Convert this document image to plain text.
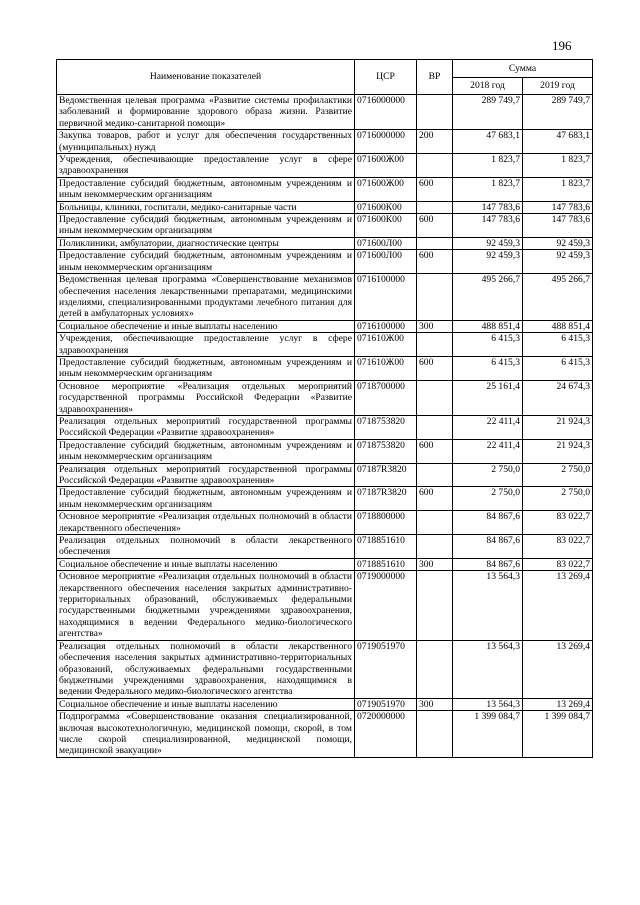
196
Наименование показателей	ЦСР	ВР	Сумма	
			2018 год	2019 год
Ведомственная целевая программа «Развитие системы профилактики заболеваний и формирование здорового образа жизни. Развитие первичной медико-санитарной помощи»	0716000000		289 749,7	289 749,7
Закупка товаров, работ и услуг для обеспечения государственных (муниципальных) нужд	0716000000	200	47 683,1	47 683,1
Учреждения, обеспечивающие предоставление услуг в сфере здравоохранения	071600Ж00		1 823,7	1 823,7
Предоставление субсидий бюджетным, автономным учреждениям и иным некоммерческим организациям	071600Ж00	600	1 823,7	1 823,7
Больницы, клиники, госпитали, медико-санитарные части	071600К00		147 783,6	147 783,6
Предоставление субсидий бюджетным, автономным учреждениям и иным некоммерческим организациям	071600К00	600	147 783,6	147 783,6
Поликлиники, амбулатории, диагностические центры	071600Л00		92 459,3	92 459,3
Предоставление субсидий бюджетным, автономным учреждениям и иным некоммерческим организациям	071600Л00	600	92 459,3	92 459,3
Ведомственная целевая программа «Совершенствование механизмов обеспечения населения лекарственными препаратами, медицинскими изделиями, специализированными продуктами лечебного питания для детей в амбулаторных условиях»	0716100000		495 266,7	495 266,7
Социальное обеспечение и иные выплаты населению	0716100000	300	488 851,4	488 851,4
Учреждения, обеспечивающие предоставление услуг в сфере здравоохранения	071610Ж00		6 415,3	6 415,3
Предоставление субсидий бюджетным, автономным учреждениям и иным некоммерческим организациям	071610Ж00	600	6 415,3	6 415,3
Основное мероприятие «Реализация отдельных мероприятий государственной программы Российской Федерации «Развитие здравоохранения»	0718700000		25 161,4	24 674,3
Реализация отдельных мероприятий государственной программы Российской Федерации «Развитие здравоохранения»	0718753820		22 411,4	21 924,3
Предоставление субсидий бюджетным, автономным учреждениям и иным некоммерческим организациям	0718753820	600	22 411,4	21 924,3
Реализация отдельных мероприятий государственной программы Российской Федерации «Развитие здравоохранения»	07187R3820		2 750,0	2 750,0
Предоставление субсидий бюджетным, автономным учреждениям и иным некоммерческим организациям	07187R3820	600	2 750,0	2 750,0
Основное мероприятие «Реализация отдельных полномочий в области лекарственного обеспечения»	0718800000		84 867,6	83 022,7
Реализация отдельных полномочий в области лекарственного обеспечения	0718851610		84 867,6	83 022,7
Социальное обеспечение и иные выплаты населению	0718851610	300	84 867,6	83 022,7
Основное мероприятие «Реализация отдельных полномочий в области лекарственного обеспечения населения закрытых административно-территориальных образований, обслуживаемых федеральными государственными бюджетными учреждениями здравоохранения, находящимися в ведении Федерального медико-биологического агентства»	0719000000		13 564,3	13 269,4
Реализация отдельных полномочий в области лекарственного обеспечения населения закрытых административно-территориальных образований, обслуживаемых федеральными государственными бюджетными учреждениями здравоохранения, находящимися в ведении Федерального медико-биологического агентства	0719051970		13 564,3	13 269,4
Социальное обеспечение и иные выплаты населению	0719051970	300	13 564,3	13 269,4
Подпрограмма «Совершенствование оказания специализированной, включая высокотехнологичную, медицинской помощи, скорой, в том числе скорой специализированной, медицинской помощи, медицинской эвакуации»	0720000000		1 399 084,7	1 399 084,7
